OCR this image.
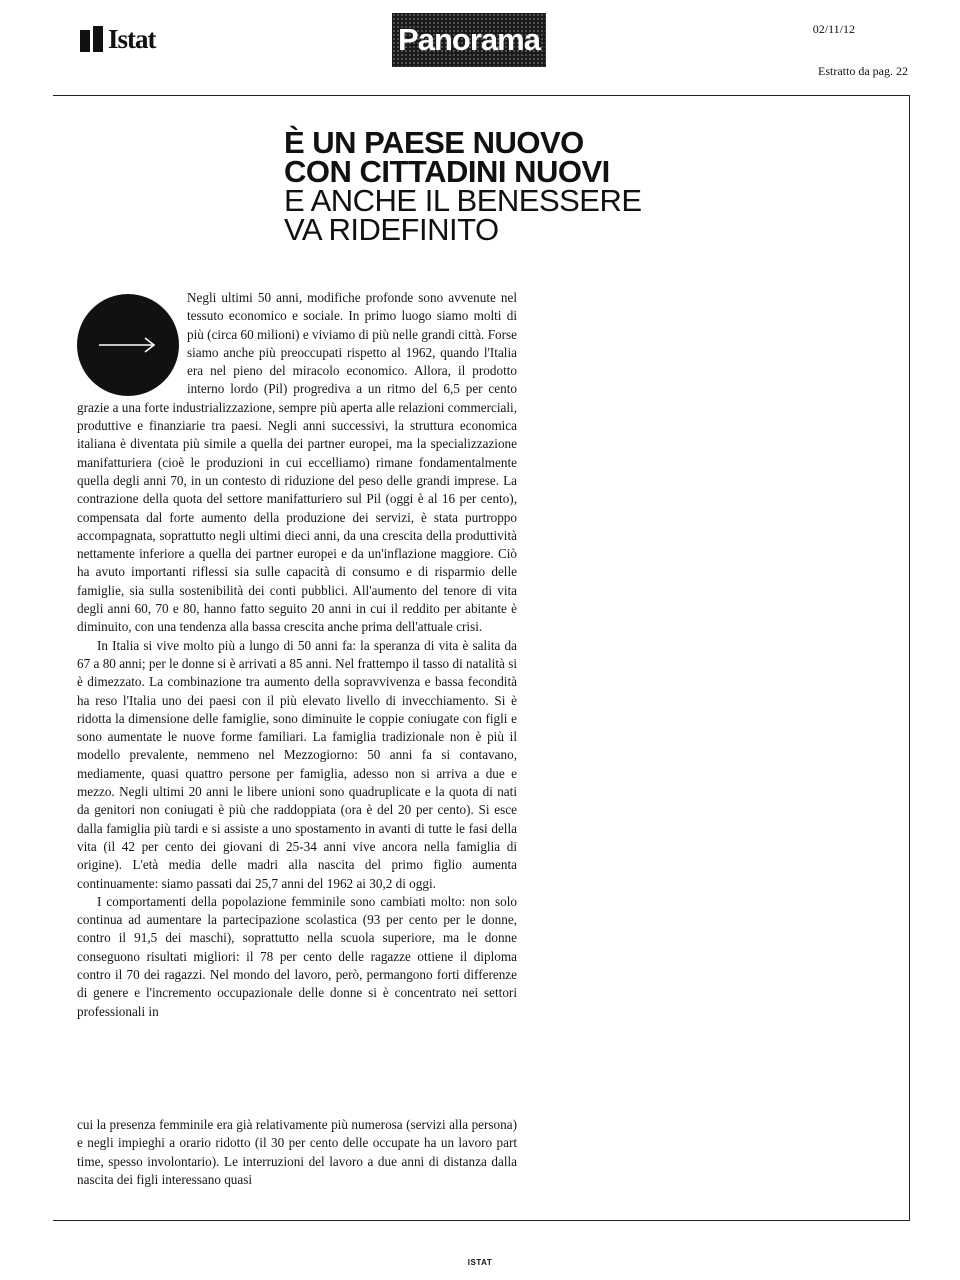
Istat	Panorama	02/11/12
Estratto da pag. 22
È UN PAESE NUOVO
CON CITTADINI NUOVI
E ANCHE IL BENESSERE
VA RIDEFINITO

Negli ultimi 50 anni, modifiche profonde sono avvenute nel tessuto economico e sociale. In primo luogo siamo molti di più (circa 60 milioni) e viviamo di più nelle grandi città. Forse siamo anche più preoccupati rispetto al 1962, quando l'Italia era nel pieno del miracolo economico. Allora, il prodotto interno lordo (Pil) progrediva a un ritmo del 6,5 per cento grazie a una forte industrializzazione, sempre più aperta alle relazioni commerciali, produttive e finanziarie tra paesi. Negli anni successivi, la struttura economica italiana è diventata più simile a quella dei partner europei, ma la specializzazione manifatturiera (cioè le produzioni in cui eccelliamo) rimane fondamentalmente quella degli anni 70, in un contesto di riduzione del peso delle grandi imprese. La contrazione della quota del settore manifatturiero sul Pil (oggi è al 16 per cento), compensata dal forte aumento della produzione dei servizi, è stata purtroppo accompagnata, soprattutto negli ultimi dieci anni, da una crescita della produttività nettamente inferiore a quella dei partner europei e da un'inflazione maggiore. Ciò ha avuto importanti riflessi sia sulle capacità di consumo e di risparmio delle famiglie, sia sulla sostenibilità dei conti pubblici. All'aumento del tenore di vita degli anni 60, 70 e 80, hanno fatto seguito 20 anni in cui il reddito per abitante è diminuito, con una tendenza alla bassa crescita anche prima dell'attuale crisi.

In Italia si vive molto più a lungo di 50 anni fa: la speranza di vita è salita da 67 a 80 anni; per le donne si è arrivati a 85 anni. Nel frattempo il tasso di natalità si è dimezzato. La combinazione tra aumento della sopravvivenza e bassa fecondità ha reso l'Italia uno dei paesi con il più elevato livello di invecchiamento. Si è ridotta la dimensione delle famiglie, sono diminuite le coppie coniugate con figli e sono aumentate le nuove forme familiari. La famiglia tradizionale non è più il modello prevalente, nemmeno nel Mezzogiorno: 50 anni fa si contavano, mediamente, quasi quattro persone per famiglia, adesso non si arriva a due e mezzo. Negli ultimi 20 anni le libere unioni sono quadruplicate e la quota di nati da genitori non coniugati è più che raddoppiata (ora è del 20 per cento). Si esce dalla famiglia più tardi e si assiste a uno spostamento in avanti di tutte le fasi della vita (il 42 per cento dei giovani di 25-34 anni vive ancora nella famiglia di origine). L'età media delle madri alla nascita del primo figlio aumenta continuamente: siamo passati dai 25,7 anni del 1962 ai 30,2 di oggi.

I comportamenti della popolazione femminile sono cambiati molto: non solo continua ad aumentare la partecipazione scolastica (93 per cento per le donne, contro il 91,5 dei maschi), soprattutto nella scuola superiore, ma le donne conseguono risultati migliori: il 78 per cento delle ragazze ottiene il diploma contro il 70 dei ragazzi. Nel mondo del lavoro, però, permangono forti differenze di genere e l'incremento occupazionale delle donne si è concentrato nei settori professionali in

cui la presenza femminile era già relativamente più numerosa (servizi alla persona) e negli impieghi a orario ridotto (il 30 per cento delle occupate ha un lavoro part time, spesso involontario). Le interruzioni del lavoro a due anni di distanza dalla nascita dei figli interessano quasi

ISTAT
